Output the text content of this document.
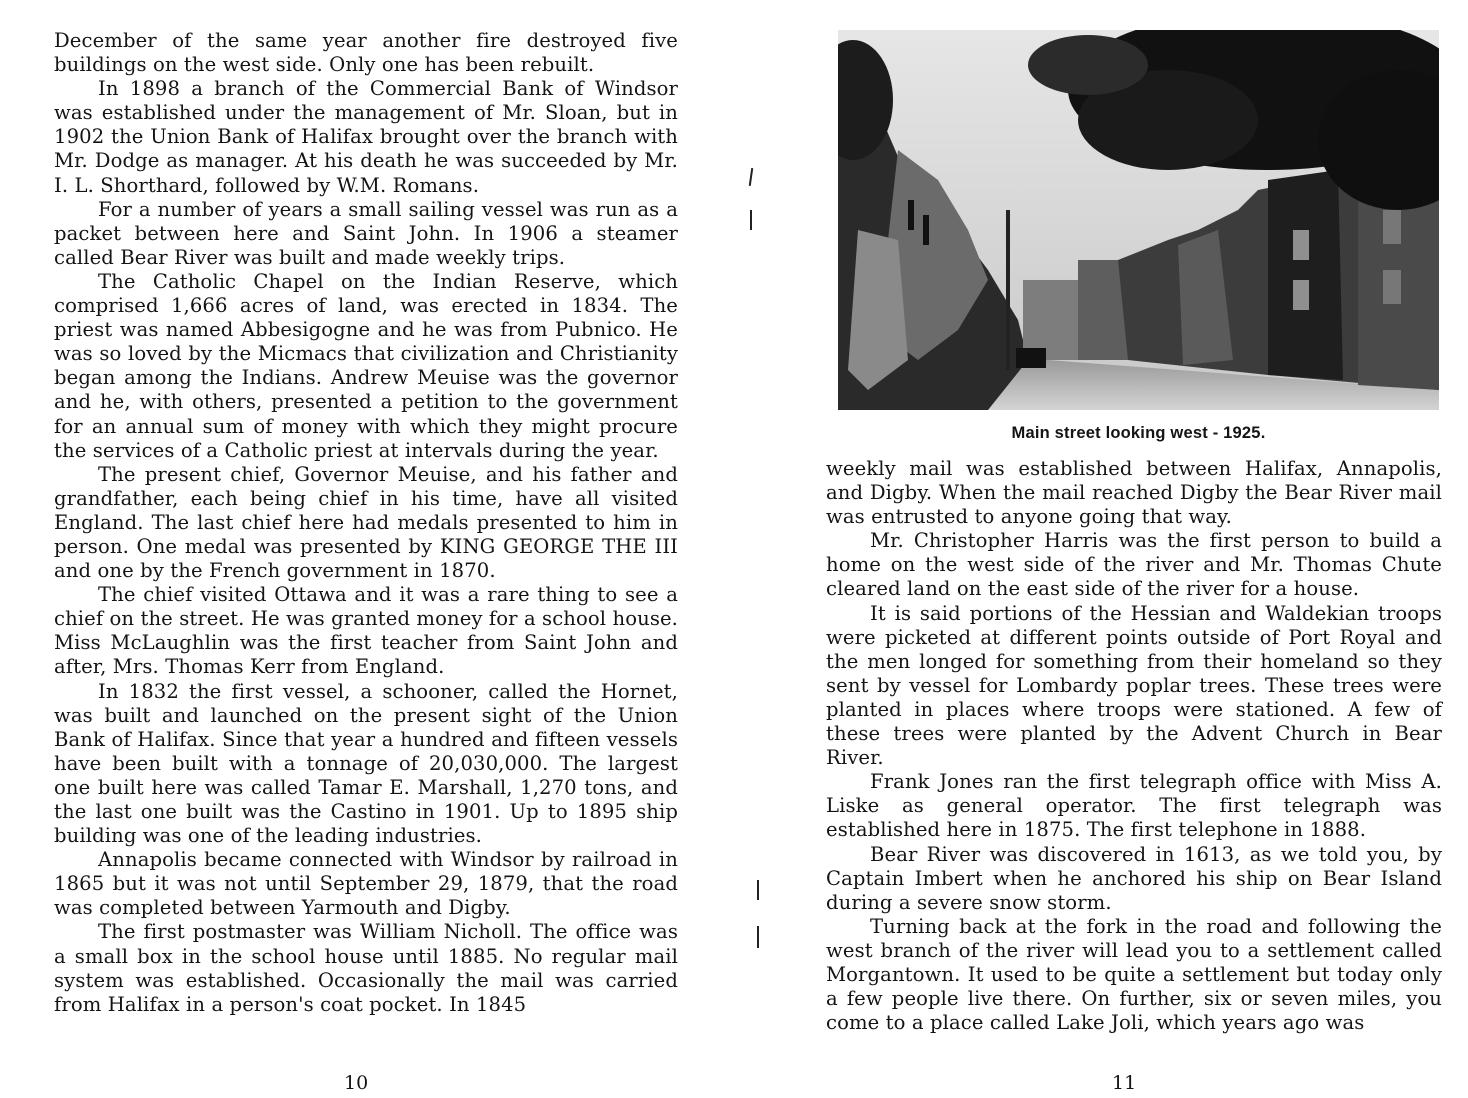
December of the same year another fire destroyed five buildings on the west side. Only one has been rebuilt.

In 1898 a branch of the Commercial Bank of Windsor was established under the management of Mr. Sloan, but in 1902 the Union Bank of Halifax brought over the branch with Mr. Dodge as manager. At his death he was succeeded by Mr. I. L. Shorthard, followed by W.M. Romans.

For a number of years a small sailing vessel was run as a packet between here and Saint John. In 1906 a steamer called Bear River was built and made weekly trips.

The Catholic Chapel on the Indian Reserve, which comprised 1,666 acres of land, was erected in 1834. The priest was named Abbesigogne and he was from Pubnico. He was so loved by the Micmacs that civilization and Christianity began among the Indians. Andrew Meuise was the governor and he, with others, presented a petition to the government for an annual sum of money with which they might procure the services of a Catholic priest at intervals during the year.

The present chief, Governor Meuise, and his father and grandfather, each being chief in his time, have all visited England. The last chief here had medals presented to him in person. One medal was presented by KING GEORGE THE III and one by the French government in 1870.

The chief visited Ottawa and it was a rare thing to see a chief on the street. He was granted money for a school house. Miss McLaughlin was the first teacher from Saint John and after, Mrs. Thomas Kerr from England.

In 1832 the first vessel, a schooner, called the Hornet, was built and launched on the present sight of the Union Bank of Halifax. Since that year a hundred and fifteen vessels have been built with a tonnage of 20,030,000. The largest one built here was called Tamar E. Marshall, 1,270 tons, and the last one built was the Castino in 1901. Up to 1895 ship building was one of the leading industries.

Annapolis became connected with Windsor by railroad in 1865 but it was not until September 29, 1879, that the road was completed between Yarmouth and Digby.

The first postmaster was William Nicholl. The office was a small box in the school house until 1885. No regular mail system was established. Occasionally the mail was carried from Halifax in a person's coat pocket. In 1845

10

weekly mail was established between Halifax, Annapolis, and Digby. When the mail reached Digby the Bear River mail was entrusted to anyone going that way.

Mr. Christopher Harris was the first person to build a home on the west side of the river and Mr. Thomas Chute cleared land on the east side of the river for a house.

It is said portions of the Hessian and Waldekian troops were picketed at different points outside of Port Royal and the men longed for something from their homeland so they sent by vessel for Lombardy poplar trees. These trees were planted in places where troops were stationed. A few of these trees were planted by the Advent Church in Bear River.

Frank Jones ran the first telegraph office with Miss A. Liske as general operator. The first telegraph was established here in 1875. The first telephone in 1888.

Bear River was discovered in 1613, as we told you, by Captain Imbert when he anchored his ship on Bear Island during a severe snow storm.

Turning back at the fork in the road and following the west branch of the river will lead you to a settlement called Morgantown. It used to be quite a settlement but today only a few people live there. On further, six or seven miles, you come to a place called Lake Joli, which years ago was

11
Main street looking west - 1925.
